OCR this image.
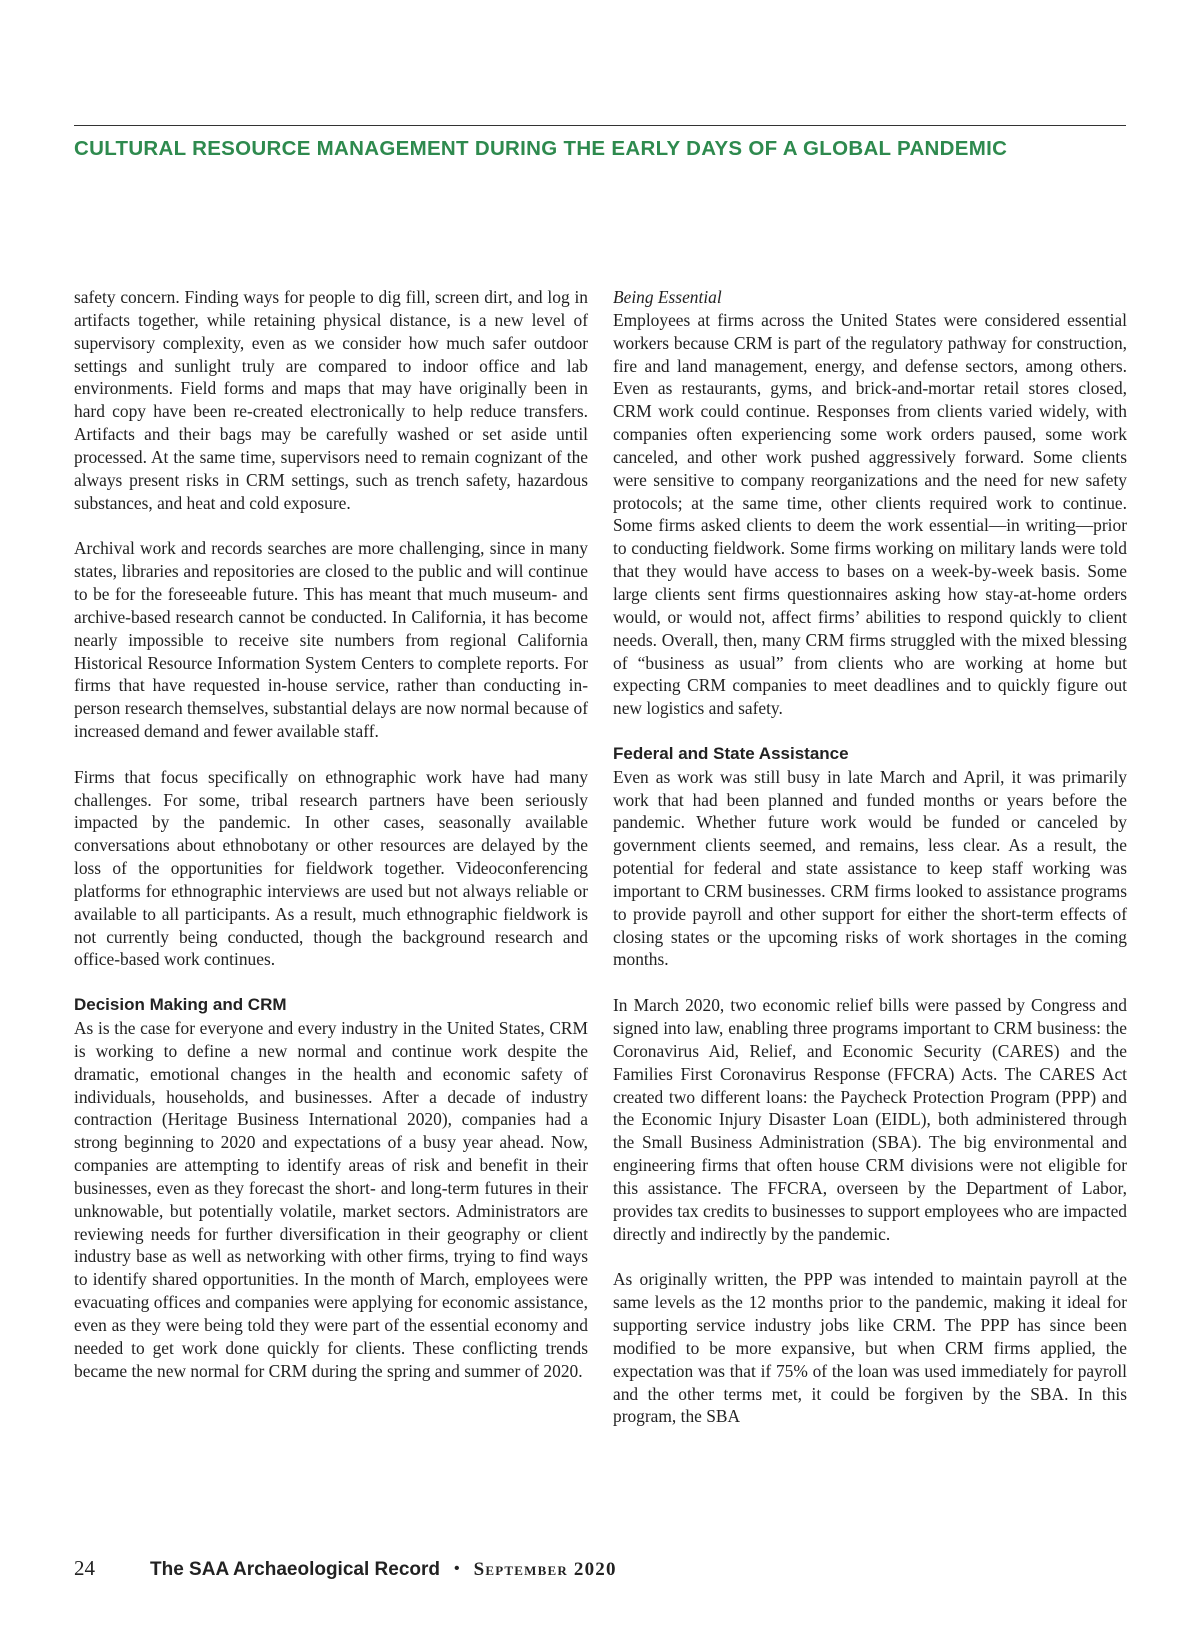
CULTURAL RESOURCE MANAGEMENT DURING THE EARLY DAYS OF A GLOBAL PANDEMIC

safety concern. Finding ways for people to dig fill, screen dirt, and log in artifacts together, while retaining physical distance, is a new level of supervisory complexity, even as we consider how much safer outdoor settings and sunlight truly are compared to indoor office and lab environments. Field forms and maps that may have originally been in hard copy have been re-created electronically to help reduce transfers. Artifacts and their bags may be carefully washed or set aside until processed. At the same time, supervisors need to remain cognizant of the always present risks in CRM settings, such as trench safety, hazardous substances, and heat and cold exposure.

Archival work and records searches are more challenging, since in many states, libraries and repositories are closed to the public and will continue to be for the foreseeable future. This has meant that much museum- and archive-based research cannot be conducted. In California, it has become nearly impossible to receive site numbers from regional California Historical Resource Information System Centers to complete reports. For firms that have requested in-house service, rather than conducting inperson research themselves, substantial delays are now normal because of increased demand and fewer available staff.

Firms that focus specifically on ethnographic work have had many challenges. For some, tribal research partners have been seriously impacted by the pandemic. In other cases, seasonally available conversations about ethnobotany or other resources are delayed by the loss of the opportunities for fieldwork together. Videoconferencing platforms for ethnographic interviews are used but not always reliable or available to all participants. As a result, much ethnographic fieldwork is not currently being conducted, though the background research and office-based work continues.

Decision Making and CRM

As is the case for everyone and every industry in the United States, CRM is working to define a new normal and continue work despite the dramatic, emotional changes in the health and economic safety of individuals, households, and businesses. After a decade of industry contraction (Heritage Business International 2020), companies had a strong beginning to 2020 and expectations of a busy year ahead. Now, companies are attempting to identify areas of risk and benefit in their businesses, even as they forecast the short- and long-term futures in their unknowable, but potentially volatile, market sectors. Administrators are reviewing needs for further diversification in their geography or client industry base as well as networking with other firms, trying to find ways to identify shared opportunities. In the month of March, employees were evacuating offices and companies were applying for economic assistance, even as they were being told they were part of the essential economy and needed to get work done quickly for clients. These conflicting trends became the new normal for CRM during the spring and summer of 2020.

Being Essential

Employees at firms across the United States were considered essential workers because CRM is part of the regulatory pathway for construction, fire and land management, energy, and defense sectors, among others. Even as restaurants, gyms, and brick-and-mortar retail stores closed, CRM work could continue. Responses from clients varied widely, with companies often experiencing some work orders paused, some work canceled, and other work pushed aggressively forward. Some clients were sensitive to company reorganizations and the need for new safety protocols; at the same time, other clients required work to continue. Some firms asked clients to deem the work essential—in writing—prior to conducting fieldwork. Some firms working on military lands were told that they would have access to bases on a week-by-week basis. Some large clients sent firms questionnaires asking how stay-at-home orders would, or would not, affect firms’ abilities to respond quickly to client needs. Overall, then, many CRM firms struggled with the mixed blessing of “business as usual” from clients who are working at home but expecting CRM companies to meet deadlines and to quickly figure out new logistics and safety.

Federal and State Assistance

Even as work was still busy in late March and April, it was primarily work that had been planned and funded months or years before the pandemic. Whether future work would be funded or canceled by government clients seemed, and remains, less clear. As a result, the potential for federal and state assistance to keep staff working was important to CRM businesses. CRM firms looked to assistance programs to provide payroll and other support for either the short-term effects of closing states or the upcoming risks of work shortages in the coming months.

In March 2020, two economic relief bills were passed by Congress and signed into law, enabling three programs important to CRM business: the Coronavirus Aid, Relief, and Economic Security (CARES) and the Families First Coronavirus Response (FFCRA) Acts. The CARES Act created two different loans: the Paycheck Protection Program (PPP) and the Economic Injury Disaster Loan (EIDL), both administered through the Small Business Administration (SBA). The big environmental and engineering firms that often house CRM divisions were not eligible for this assistance. The FFCRA, overseen by the Department of Labor, provides tax credits to businesses to support employees who are impacted directly and indirectly by the pandemic.

As originally written, the PPP was intended to maintain payroll at the same levels as the 12 months prior to the pandemic, making it ideal for supporting service industry jobs like CRM. The PPP has since been modified to be more expansive, but when CRM firms applied, the expectation was that if 75% of the loan was used immediately for payroll and the other terms met, it could be forgiven by the SBA. In this program, the SBA

24	The SAA Archaeological Record • September 2020
